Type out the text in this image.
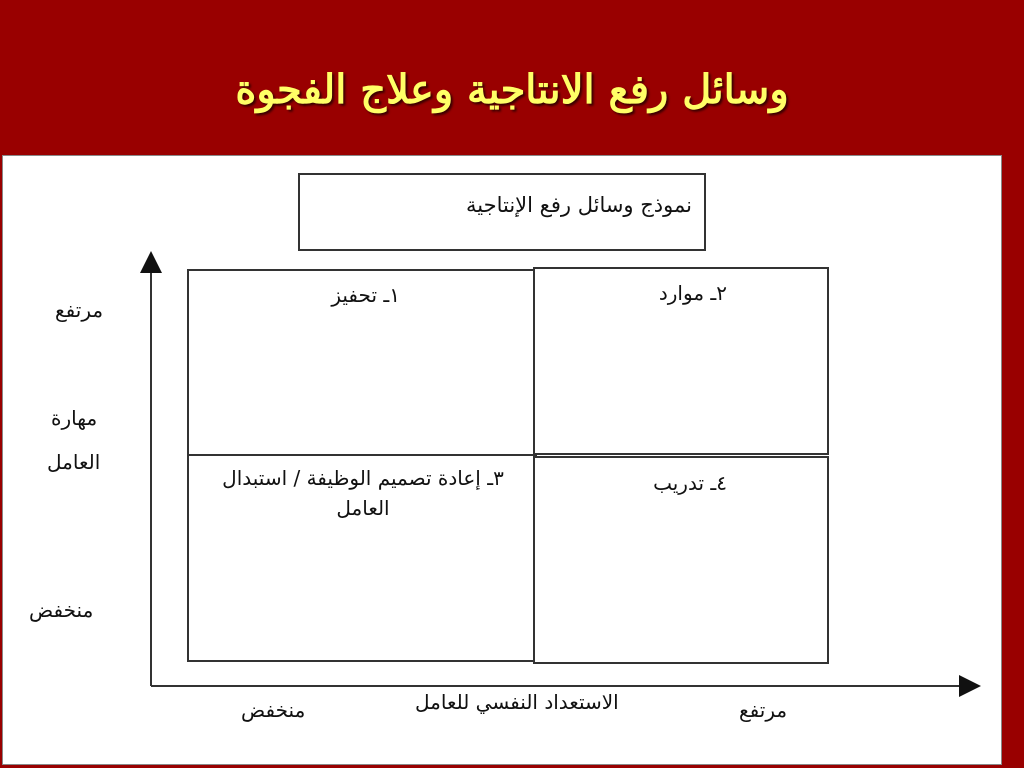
وسائل رفع الانتاجية وعلاج الفجوة
نموذج وسائل رفع الإنتاجية
١ـ تحفيز	٢ـ موارد
٣ـ إعادة تصميم الوظيفة / استبدال العامل
٤ـ تدريب
مرتفع
مهارة
العامل
منخفض
منخفض	الاستعداد النفسي للعامل	مرتفع
